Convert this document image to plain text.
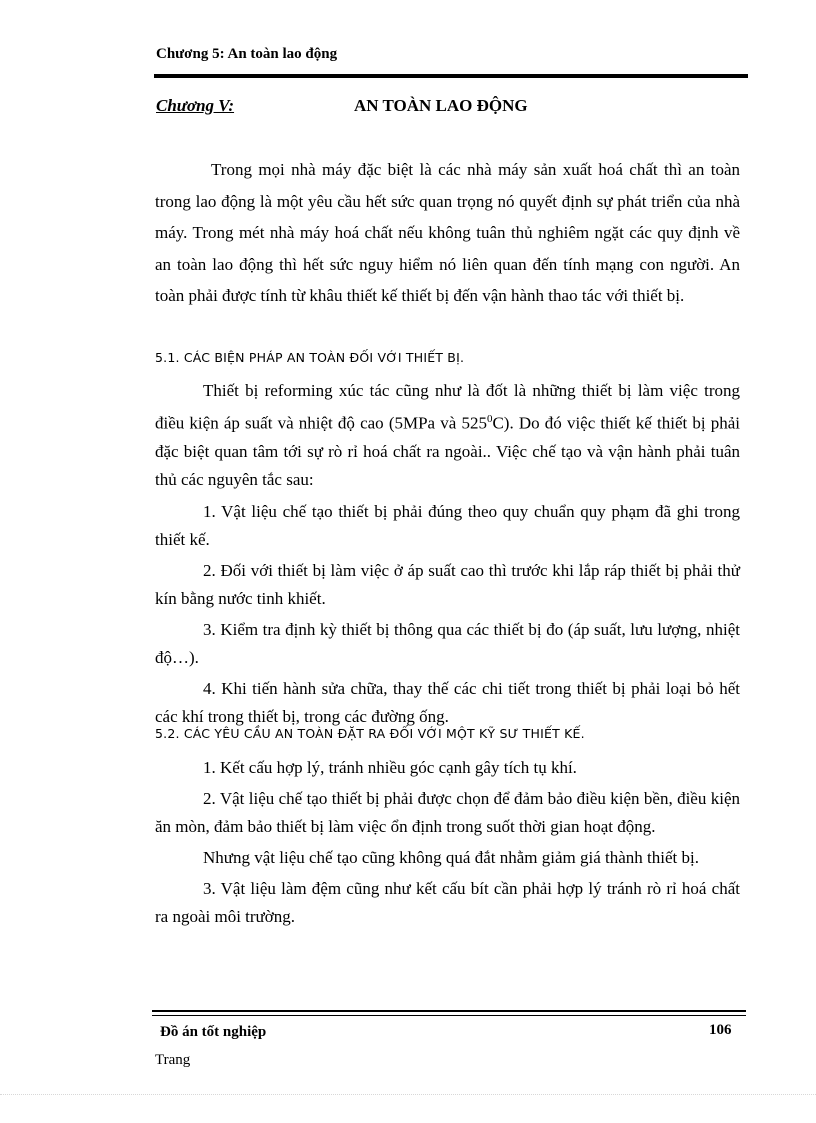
Chương 5: An toàn lao động
Chương V:	AN TOÀN LAO ĐỘNG

Trong mọi nhà máy đặc biệt là các nhà máy sản xuất hoá chất thì an toàn trong lao động là một yêu cầu hết sức quan trọng nó quyết định sự phát triển của nhà máy. Trong mét nhà máy hoá chất nếu không tuân thủ nghiêm ngặt các quy định về an toàn lao động thì hết sức nguy hiểm nó liên quan đến tính mạng con người. An toàn phải được tính từ khâu thiết kế thiết bị đến vận hành thao tác với thiết bị.

5.1. CÁC BIỆN PHÁP AN TOÀN ĐỐI VỚI THIẾT BỊ.

Thiết bị reforming xúc tác cũng như là đốt là những thiết bị làm việc trong điều kiện áp suất và nhiệt độ cao (5MPa và $525^0C$). Do đó việc thiết kế thiết bị phải đặc biệt quan tâm tới sự rò rỉ hoá chất ra ngoài.. Việc chế tạo và vận hành phải tuân thủ các nguyên tắc sau:

1. Vật liệu chế tạo thiết bị phải đúng theo quy chuẩn quy phạm đã ghi trong thiết kế.

2. Đối với thiết bị làm việc ở áp suất cao thì trước khi lắp ráp thiết bị phải thử kín bằng nước tinh khiết.

3. Kiểm tra định kỳ thiết bị thông qua các thiết bị đo (áp suất, lưu lượng, nhiệt độ…).

4. Khi tiến hành sửa chữa, thay thế các chi tiết trong thiết bị phải loại bỏ hết các khí trong thiết bị, trong các đường ống.

5.2. CÁC YÊU CẦU AN TOÀN ĐẶT RA ĐỐI VỚI MỘT KỸ SƯ THIẾT KẾ.

1. Kết cấu hợp lý, tránh nhiều góc cạnh gây tích tụ khí.

2. Vật liệu chế tạo thiết bị phải được chọn để đảm bảo điều kiện bền, điều kiện ăn mòn, đảm bảo thiết bị làm việc ổn định trong suốt thời gian hoạt động.

Nhưng vật liệu chế tạo cũng không quá đắt nhằm giảm giá thành thiết bị.

3. Vật liệu làm đệm cũng như kết cấu bít cần phải hợp lý tránh rò rỉ hoá chất ra ngoài môi trường.

Đồ án tốt nghiệp	106
Trang
